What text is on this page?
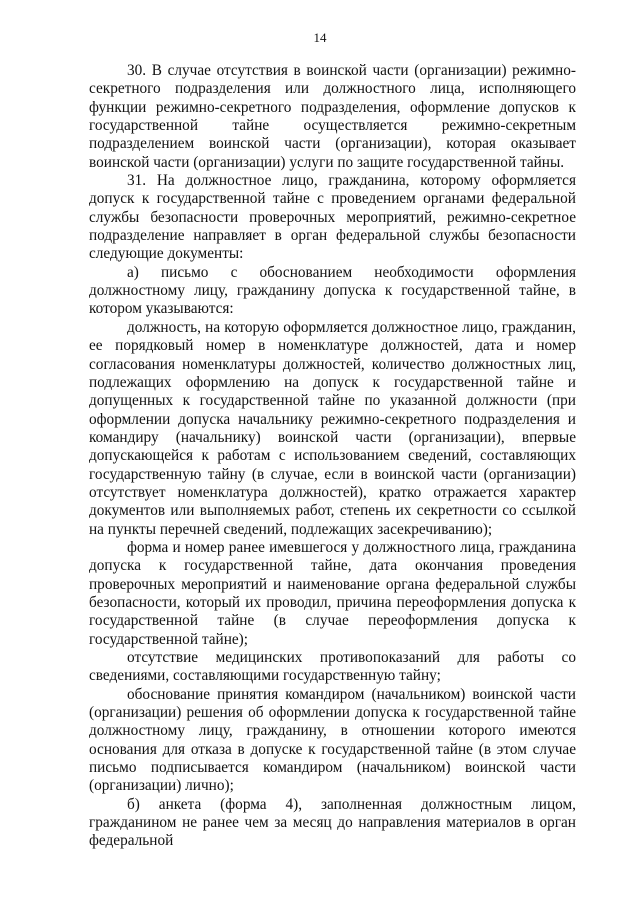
14

30. В случае отсутствия в воинской части (организации) режимно-секретного подразделения или должностного лица, исполняющего функции режимно-секретного подразделения, оформление допусков к государственной тайне осуществляется режимно-секретным подразделением воинской части (организации), которая оказывает воинской части (организации) услуги по защите государственной тайны.

31. На должностное лицо, гражданина, которому оформляется допуск к государственной тайне с проведением органами федеральной службы безопасности проверочных мероприятий, режимно-секретное подразделение направляет в орган федеральной службы безопасности следующие документы:

а) письмо с обоснованием необходимости оформления должностному лицу, гражданину допуска к государственной тайне, в котором указываются:

должность, на которую оформляется должностное лицо, гражданин, ее порядковый номер в номенклатуре должностей, дата и номер согласования номенклатуры должностей, количество должностных лиц, подлежащих оформлению на допуск к государственной тайне и допущенных к государственной тайне по указанной должности (при оформлении допуска начальнику режимно-секретного подразделения и командиру (начальнику) воинской части (организации), впервые допускающейся к работам с использованием сведений, составляющих государственную тайну (в случае, если в воинской части (организации) отсутствует номенклатура должностей), кратко отражается характер документов или выполняемых работ, степень их секретности со ссылкой на пункты перечней сведений, подлежащих засекречиванию);

форма и номер ранее имевшегося у должностного лица, гражданина допуска к государственной тайне, дата окончания проведения проверочных мероприятий и наименование органа федеральной службы безопасности, который их проводил, причина переоформления допуска к государственной тайне (в случае переоформления допуска к государственной тайне);

отсутствие медицинских противопоказаний для работы со сведениями, составляющими государственную тайну;

обоснование принятия командиром (начальником) воинской части (организации) решения об оформлении допуска к государственной тайне должностному лицу, гражданину, в отношении которого имеются основания для отказа в допуске к государственной тайне (в этом случае письмо подписывается командиром (начальником) воинской части (организации) лично);

б) анкета (форма 4), заполненная должностным лицом, гражданином не ранее чем за месяц до направления материалов в орган федеральной
